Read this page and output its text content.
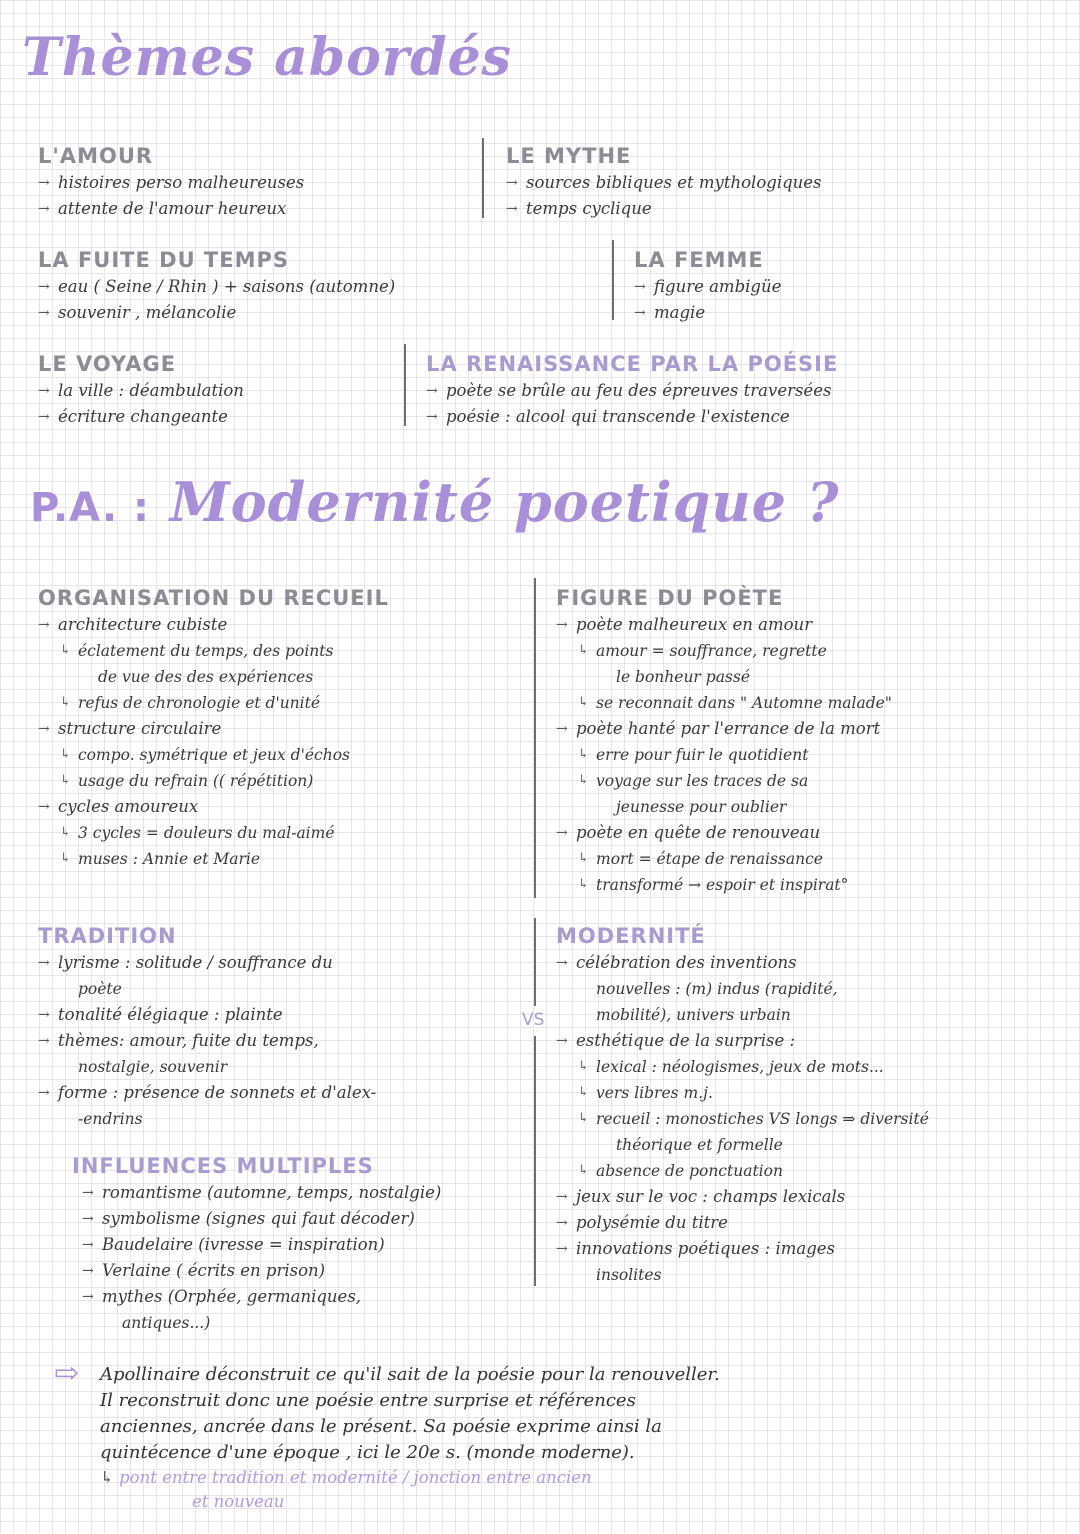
Thèmes abordés
L'AMOUR
→ histoires perso malheureuses
→ attente de l'amour heureux
LE MYTHE
→ sources bibliques et mythologiques
→ temps cyclique
LA FUITE DU TEMPS
→ eau ( Seine / Rhin ) + saisons (automne)
→ souvenir , mélancolie
LA FEMME
→ figure ambigüe
→ magie
LE VOYAGE
→ la ville : déambulation
→ écriture changeante
LA RENAISSANCE PAR LA POÉSIE
→ poète se brûle au feu des épreuves traversées
→ poésie : alcool qui transcende l'existence
P.A. : Modernité poetique ?
ORGANISATION DU RECUEIL
→ architecture cubiste
↳ éclatement du temps, des points
de vue des des expériences
↳ refus de chronologie et d'unité
→ structure circulaire
↳ compo. symétrique et jeux d'échos
↳ usage du refrain (( répétition)
→ cycles amoureux
↳ 3 cycles = douleurs du mal-aimé
↳ muses : Annie et Marie
FIGURE DU POÈTE
→ poète malheureux en amour
↳ amour = souffrance, regrette
le bonheur passé
↳ se reconnait dans " Automne malade"
→ poète hanté par l'errance de la mort
↳ erre pour fuir le quotidient
↳ voyage sur les traces de sa
jeunesse pour oublier
→ poète en quête de renouveau
↳ mort = étape de renaissance
↳ transformé → espoir et inspirat°
TRADITION
→ lyrisme : solitude / souffrance du
poète
→ tonalité élégiaque : plainte
→ thèmes: amour, fuite du temps,
nostalgie, souvenir
→ forme : présence de sonnets et d'alex-
-endrins
VS
INFLUENCES MULTIPLES
→ romantisme (automne, temps, nostalgie)
→ symbolisme (signes qui faut décoder)
→ Baudelaire (ivresse = inspiration)
→ Verlaine ( écrits en prison)
→ mythes (Orphée, germaniques,
antiques...)
MODERNITÉ
→ célébration des inventions
nouvelles : (m) indus (rapidité,
mobilité), univers urbain
→ esthétique de la surprise :
↳ lexical : néologismes, jeux de mots...
↳ vers libres m.j.
↳ recueil : monostiches VS longs ⇒ diversité
théorique et formelle
↳ absence de ponctuation
→ jeux sur le voc : champs lexicals
→ polysémie du titre
→ innovations poétiques : images
insolites
⇨ Apollinaire déconstruit ce qu'il sait de la poésie pour la renouveller.

Il reconstruit donc une poésie entre surprise et références

anciennes, ancrée dans le présent. Sa poésie exprime ainsi la

quintécence d'une époque , ici le 20e s. (monde moderne).

↳ pont entre tradition et modernité / jonction entre ancien

et nouveau
